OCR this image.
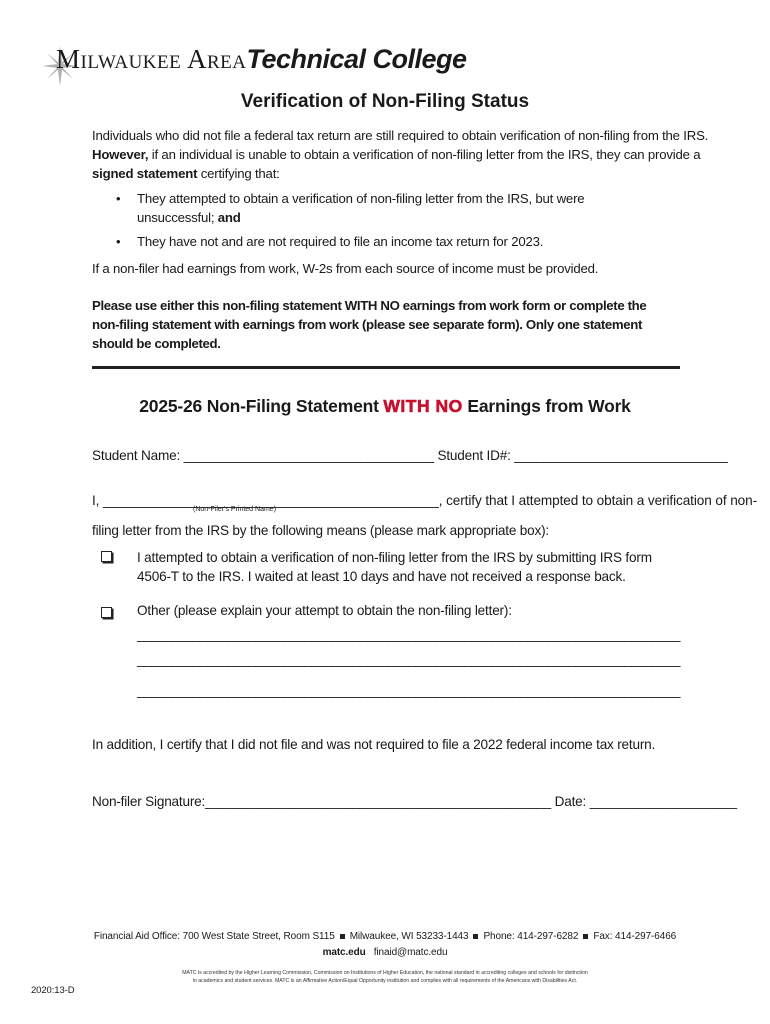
Milwaukee AreaTechnical College
Verification of Non-Filing Status
Individuals who did not file a federal tax return are still required to obtain verification of non-filing from the IRS.
However, if an individual is unable to obtain a verification of non-filing letter from the IRS, they can provide a
signed statement certifying that:
• They attempted to obtain a verification of non-filing letter from the IRS, but were
unsuccessful; and
• They have not and are not required to file an income tax return for 2023.
If a non-filer had earnings from work, W-2s from each source of income must be provided.
Please use either this non-filing statement WITH NO earnings from work form or complete the
non-filing statement with earnings from work (please see separate form). Only one statement
should be completed.
2025-26 Non-Filing Statement WITH NO Earnings from Work
Student Name: __________________________________ Student ID#: _____________________________
I, _____________________________________________, certify that I attempted to obtain a verification of non-
(Non-Filer's Printed Name)
filing letter from the IRS by the following means (please mark appropriate box):
I attempted to obtain a verification of non-filing letter from the IRS by submitting IRS form
4506-T to the IRS. I waited at least 10 days and have not received a response back.
Other (please explain your attempt to obtain the non-filing letter):
______________________________________________________________________________
______________________________________________________________________________
______________________________________________________________________________
In addition, I certify that I did not file and was not required to file a 2022 federal income tax return.
Non-filer Signature:_______________________________________________ Date: ____________________
Financial Aid Office: 700 West State Street, Room S115 Milwaukee, WI 53233-1443 Phone: 414-297-6282 Fax: 414-297-6466
matc.edu finaid@matc.edu
MATC is accredited by the Higher Learning Commission, Commission on Institutions of Higher Education, the national standard in accrediting colleges and schools for distinction
in academics and student services. MATC is an Affirmative Action/Equal Opportunity institution and complies with all requirements of the Americans with Disabilities Act.
2020:13-D
